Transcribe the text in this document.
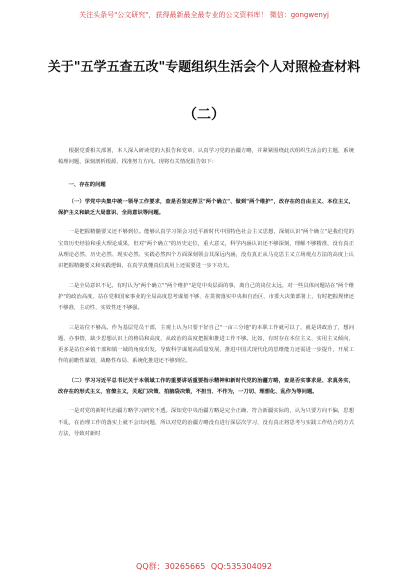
关注头条号"公文研究"，获得最新最全最专业的公文资料库！ 微信：gongwenyj
关于"五学五查五改"专题组织生活会个人对照检查材料
（二）

根据党委相关部署，本人深入研读党的大报告和党章，认真学习党的治疆方略，并紧紧围绕此次组织生活会的主题，系统梳理问题，深刻剖析根源，找准努力方向。现将有关情况报告如下：

一、存在的问题

（一）学党中央集中统一领导工作要求，查是否坚定捍卫"两个确立"、做到"两个维护"，改存在的自由主义、本位主义，保护主义和缺乏大局意识、全局意识等问题。

一是把握精髓要义还不够到位。能够认真学习领会习近平新时代中国特色社会主义思想，深刻认识"两个确立"是我们党的宝贵历史经验和重大理论成果，但对"两个确立"的历史定位，重大意义，科学内涵认识还不够深刻，理解不够精准，没有真正从理论必然、历史必然、现实必然、实践必然四个方面深刻领会其深远内涵，没有真正从马克思主义立场观点方法的高度上认识把握精髓要义和实践逻辑，在真学真懂真信真用上还需要进一步下功夫。

二是全局意识不足。有时认为"两个确立""两个维护"是党中央层面的事，离自己的岗位太远，对一些具体问题站在"两个维护"的政治高度、站在党和国家事业的全局高度思考谋划不够，在贯彻落实中央和自治区、市委大决策部署上，有时把握规律还不够准，主动性、实效性还不够强。

三是站位不够高。作为基层党员干部，主观上认为只要干好自己"一亩三分地"的本职工作就可以了，就是讲政治了，想问题、办事情，缺少思想认识上的格局和高度，从政治的高度把握和推进工作不够。比如，有时存在本位主义、实用主义倾向，更多是站位乡镇干部和镇一域的角度出发，导致科学谋划高质量发展、推进中国式现代化的思维能力还需进一步提升，开展工作的前瞻性谋划，战略性布局、系统化推进还不够到位。

（二）学习习近平总书记关于本领域工作的重要讲话重要指示精神和新时代党的治疆方略，查是否实事求是、求真务实，改存在的形式主义、官僚主义，关起门决策、拍脑袋决策，不担当、不作为，一刀切、理想化、乱作为等问题。

一是对党的新时代治疆方略学习研究不透。深知党中央治疆方略是完全正确、符合新疆实际的，认为只要方向不偏，思想不乱，在治理工作的落实上就不会出问题，所以对党的治疆方略没有进行深层次学习，没有真正将思考与实践工作结合的方式方法，导致对新时

QQ群：30265665 QQ:535304092
